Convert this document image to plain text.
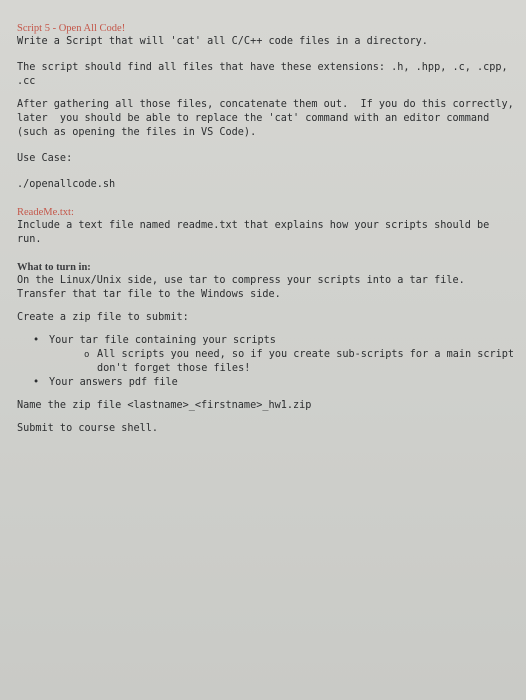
Script 5 - Open All Code!
Write a Script that will 'cat' all C/C++ code files in a directory.
The script should find all files that have these extensions: .h, .hpp, .c, .cpp,
.cc
After gathering all those files, concatenate them out.  If you do this correctly,
later  you should be able to replace the 'cat' command with an editor command
(such as opening the files in VS Code).
Use Case:
./openallcode.sh
ReadeMe.txt:
Include a text file named readme.txt that explains how your scripts should be
run.
What to turn in:
On the Linux/Unix side, use tar to compress your scripts into a tar file.
Transfer that tar file to the Windows side.
Create a zip file to submit:
• Your tar file containing your scripts
o All scripts you need, so if you create sub-scripts for a main script
don't forget those files!
• Your answers pdf file
Name the zip file <lastname>_<firstname>_hw1.zip
Submit to course shell.
